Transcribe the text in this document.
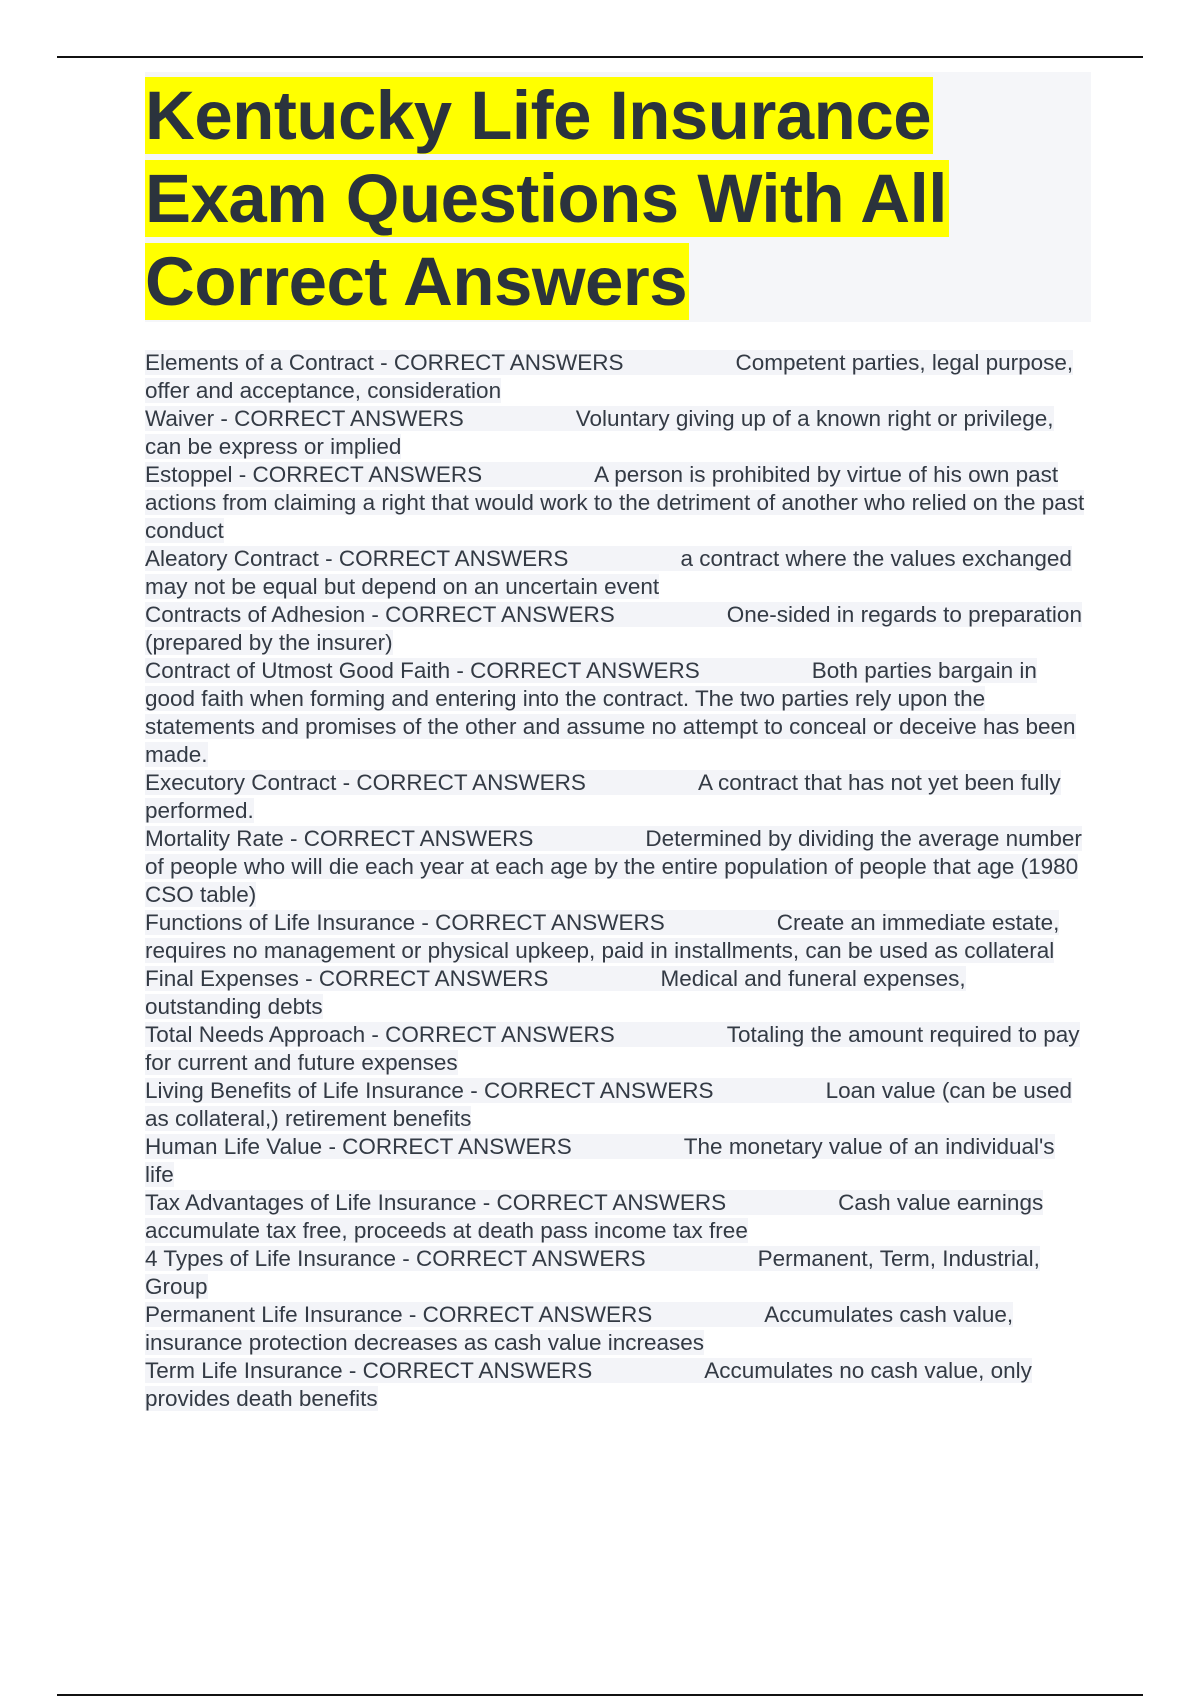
Kentucky Life Insurance Exam Questions With All Correct Answers

Elements of a Contract - CORRECT ANSWERS	Competent parties, legal purpose, offer and acceptance, consideration

Waiver - CORRECT ANSWERS	Voluntary giving up of a known right or privilege, can be express or implied

Estoppel - CORRECT ANSWERS	A person is prohibited by virtue of his own past actions from claiming a right that would work to the detriment of another who relied on the past conduct

Aleatory Contract - CORRECT ANSWERS	a contract where the values exchanged may not be equal but depend on an uncertain event

Contracts of Adhesion - CORRECT ANSWERS	One-sided in regards to preparation (prepared by the insurer)

Contract of Utmost Good Faith - CORRECT ANSWERS	Both parties bargain in good faith when forming and entering into the contract. The two parties rely upon the statements and promises of the other and assume no attempt to conceal or deceive has been made.

Executory Contract - CORRECT ANSWERS	A contract that has not yet been fully performed.

Mortality Rate - CORRECT ANSWERS	Determined by dividing the average number of people who will die each year at each age by the entire population of people that age (1980 CSO table)

Functions of Life Insurance - CORRECT ANSWERS	Create an immediate estate, requires no management or physical upkeep, paid in installments, can be used as collateral

Final Expenses - CORRECT ANSWERS	Medical and funeral expenses, outstanding debts

Total Needs Approach - CORRECT ANSWERS	Totaling the amount required to pay for current and future expenses

Living Benefits of Life Insurance - CORRECT ANSWERS	Loan value (can be used as collateral,) retirement benefits

Human Life Value - CORRECT ANSWERS	The monetary value of an individual's life

Tax Advantages of Life Insurance - CORRECT ANSWERS	Cash value earnings accumulate tax free, proceeds at death pass income tax free

4 Types of Life Insurance - CORRECT ANSWERS	Permanent, Term, Industrial, Group

Permanent Life Insurance - CORRECT ANSWERS	Accumulates cash value, insurance protection decreases as cash value increases

Term Life Insurance - CORRECT ANSWERS	Accumulates no cash value, only provides death benefits
